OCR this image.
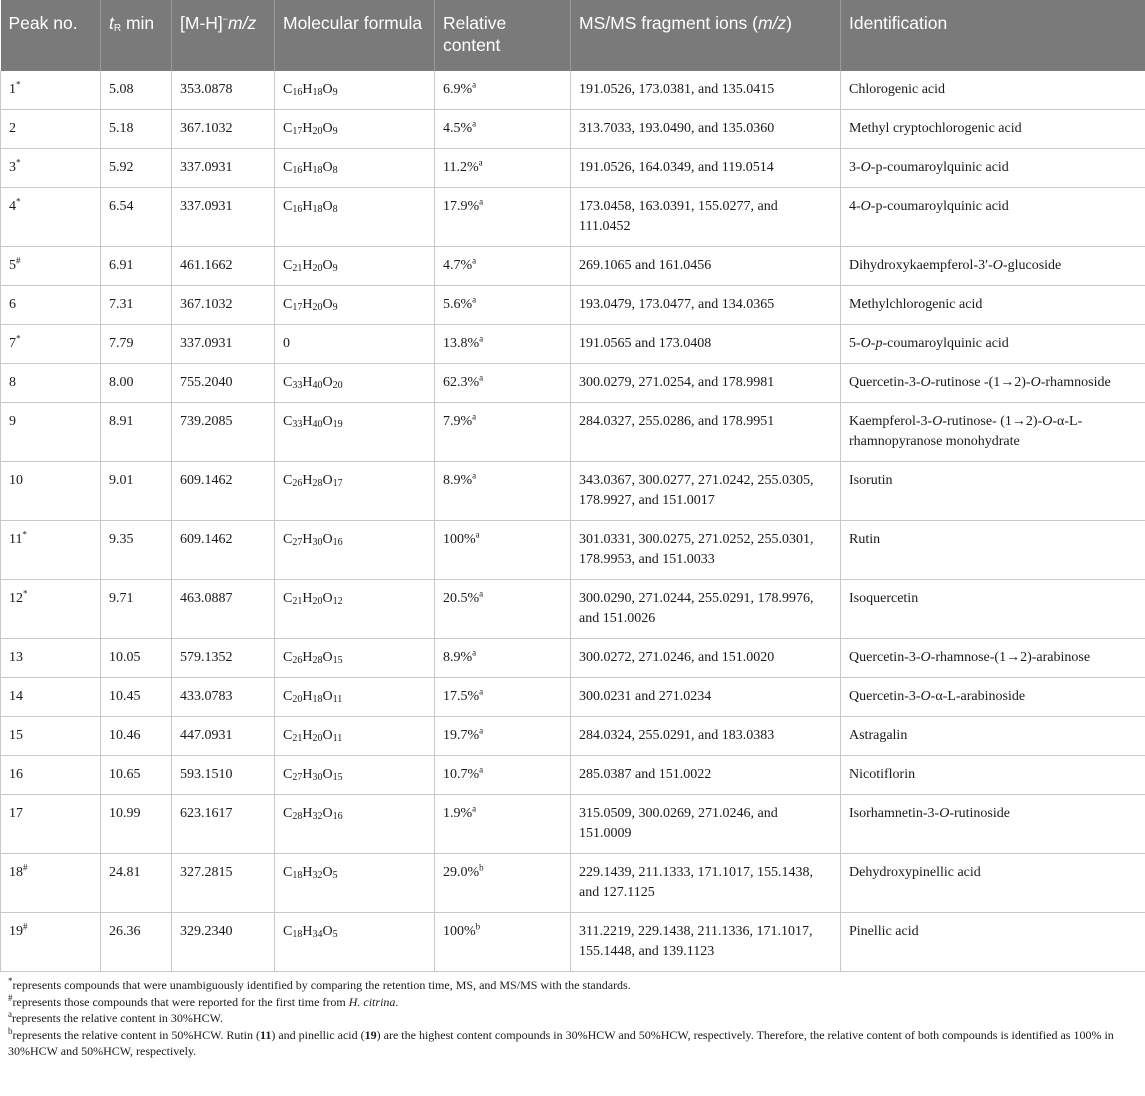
Peak no.	$t_R$ min	[M-H]−m/z	Molecular formula	Relative content	MS/MS fragment ions (m/z)	Identification
1*	5.08	353.0878	$C_{16}H_{18}O_9$	6.9%$^a$	191.0526, 173.0381, and 135.0415	Chlorogenic acid
2	5.18	367.1032	$C_{17}H_{20}O_9$	4.5%$^a$	313.7033, 193.0490, and 135.0360	Methyl cryptochlorogenic acid
3*	5.92	337.0931	$C_{16}H_{18}O_8$	11.2%$^a$	191.0526, 164.0349, and 119.0514	3-O-p-coumaroylquinic acid
4*	6.54	337.0931	$C_{16}H_{18}O_8$	17.9%$^a$	173.0458, 163.0391, 155.0277, and 111.0452	4-O-p-coumaroylquinic acid
5#	6.91	461.1662	$C_{21}H_{20}O_9$	4.7%$^a$	269.1065 and 161.0456	Dihydroxykaempferol-3′-O-glucoside
6	7.31	367.1032	$C_{17}H_{20}O_9$	5.6%$^a$	193.0479, 173.0477, and 134.0365	Methylchlorogenic acid
7*	7.79	337.0931	0	13.8%$^a$	191.0565 and 173.0408	5-O-p-coumaroylquinic acid
8	8.00	755.2040	$C_{33}H_{40}O_{20}$	62.3%$^a$	300.0279, 271.0254, and 178.9981	Quercetin-3-O-rutinose -(1→2)-O-rhamnoside
9	8.91	739.2085	$C_{33}H_{40}O_{19}$	7.9%$^a$	284.0327, 255.0286, and 178.9951	Kaempferol-3-O-rutinose- (1→2)-O-α-L-rhamnopyranose monohydrate
10	9.01	609.1462	$C_{26}H_{28}O_{17}$	8.9%$^a$	343.0367, 300.0277, 271.0242, 255.0305, 178.9927, and 151.0017	Isorutin
11*	9.35	609.1462	$C_{27}H_{30}O_{16}$	100%$^a$	301.0331, 300.0275, 271.0252, 255.0301, 178.9953, and 151.0033	Rutin
12*	9.71	463.0887	$C_{21}H_{20}O_{12}$	20.5%$^a$	300.0290, 271.0244, 255.0291, 178.9976, and 151.0026	Isoquercetin
13	10.05	579.1352	$C_{26}H_{28}O_{15}$	8.9%$^a$	300.0272, 271.0246, and 151.0020	Quercetin-3-O-rhamnose-(1→2)-arabinose
14	10.45	433.0783	$C_{20}H_{18}O_{11}$	17.5%$^a$	300.0231 and 271.0234	Quercetin-3-O-α-L-arabinoside
15	10.46	447.0931	$C_{21}H_{20}O_{11}$	19.7%$^a$	284.0324, 255.0291, and 183.0383	Astragalin
16	10.65	593.1510	$C_{27}H_{30}O_{15}$	10.7%$^a$	285.0387 and 151.0022	Nicotiflorin
17	10.99	623.1617	$C_{28}H_{32}O_{16}$	1.9%$^a$	315.0509, 300.0269, 271.0246, and 151.0009	Isorhamnetin-3-O-rutinoside
18#	24.81	327.2815	$C_{18}H_{32}O_5$	29.0%$^b$	229.1439, 211.1333, 171.1017, 155.1438, and 127.1125	Dehydroxypinellic acid
19#	26.36	329.2340	$C_{18}H_{34}O_5$	100%$^b$	311.2219, 229.1438, 211.1336, 171.1017, 155.1448, and 139.1123	Pinellic acid

*represents compounds that were unambiguously identified by comparing the retention time, MS, and MS/MS with the standards.

#represents those compounds that were reported for the first time from H. citrina.

$^a$represents the relative content in 30%HCW.

$^b$represents the relative content in 50%HCW. Rutin (11) and pinellic acid (19) are the highest content compounds in 30%HCW and 50%HCW, respectively. Therefore, the relative content of both compounds is identified as 100% in 30%HCW and 50%HCW, respectively.
